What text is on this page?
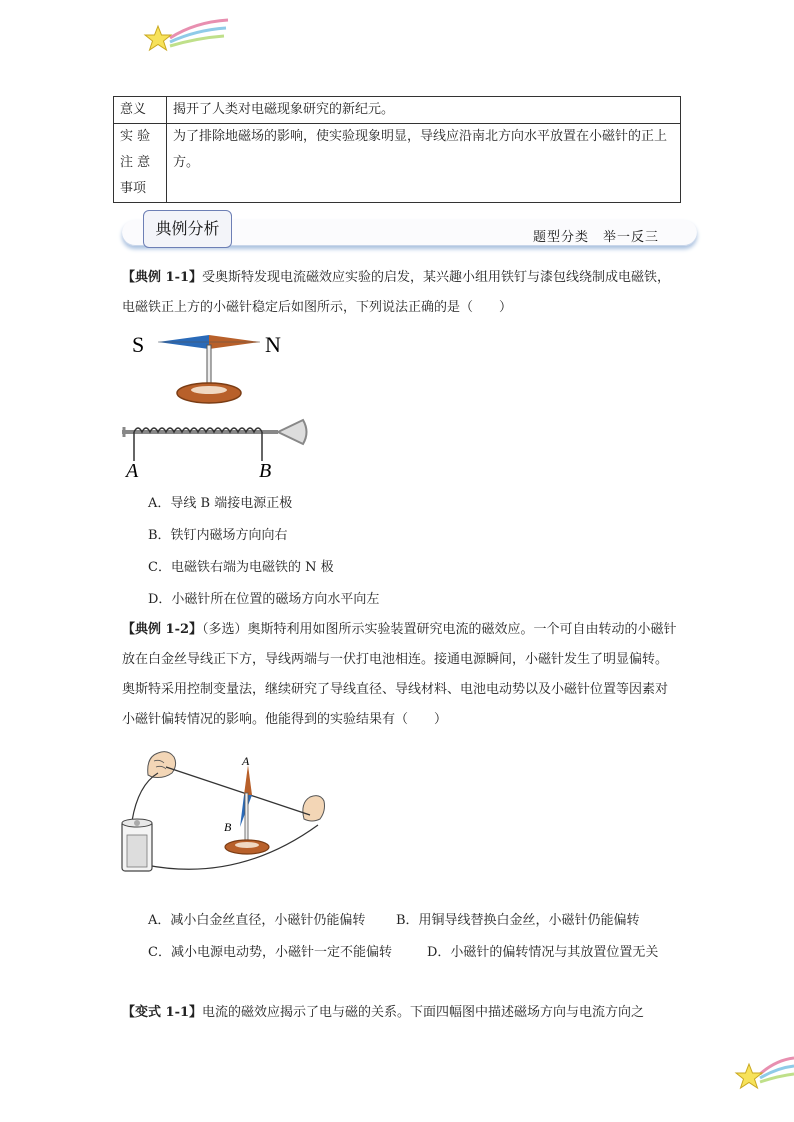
意义	揭开了人类对电磁现象研究的新纪元。
实 验
注 意
事项	为了排除地磁场的影响，使实验现象明显，导线应沿南北方向水平放置在小磁针的正上方。
典例分析	题型分类　举一反三
【典例 1-1】受奥斯特发现电流磁效应实验的启发，某兴趣小组用铁钉与漆包线绕制成电磁铁，电磁铁正上方的小磁针稳定后如图所示，下列说法正确的是（　　）
S	N
A	B
A．导线 B 端接电源正极
B．铁钉内磁场方向向右
C．电磁铁右端为电磁铁的 N 极
D．小磁针所在位置的磁场方向水平向左
【典例 1-2】（多选）奥斯特利用如图所示实验装置研究电流的磁效应。一个可自由转动的小磁针放在白金丝导线正下方，导线两端与一伏打电池相连。接通电源瞬间，小磁针发生了明显偏转。奥斯特采用控制变量法，继续研究了导线直径、导线材料、电池电动势以及小磁针位置等因素对小磁针偏转情况的影响。他能得到的实验结果有（　　）
A
B
A．减小白金丝直径，小磁针仍能偏转 B．用铜导线替换白金丝，小磁针仍能偏转
C．减小电源电动势，小磁针一定不能偏转	D．小磁针的偏转情况与其放置位置无关
【变式 1-1】电流的磁效应揭示了电与磁的关系。下面四幅图中描述磁场方向与电流方向之
